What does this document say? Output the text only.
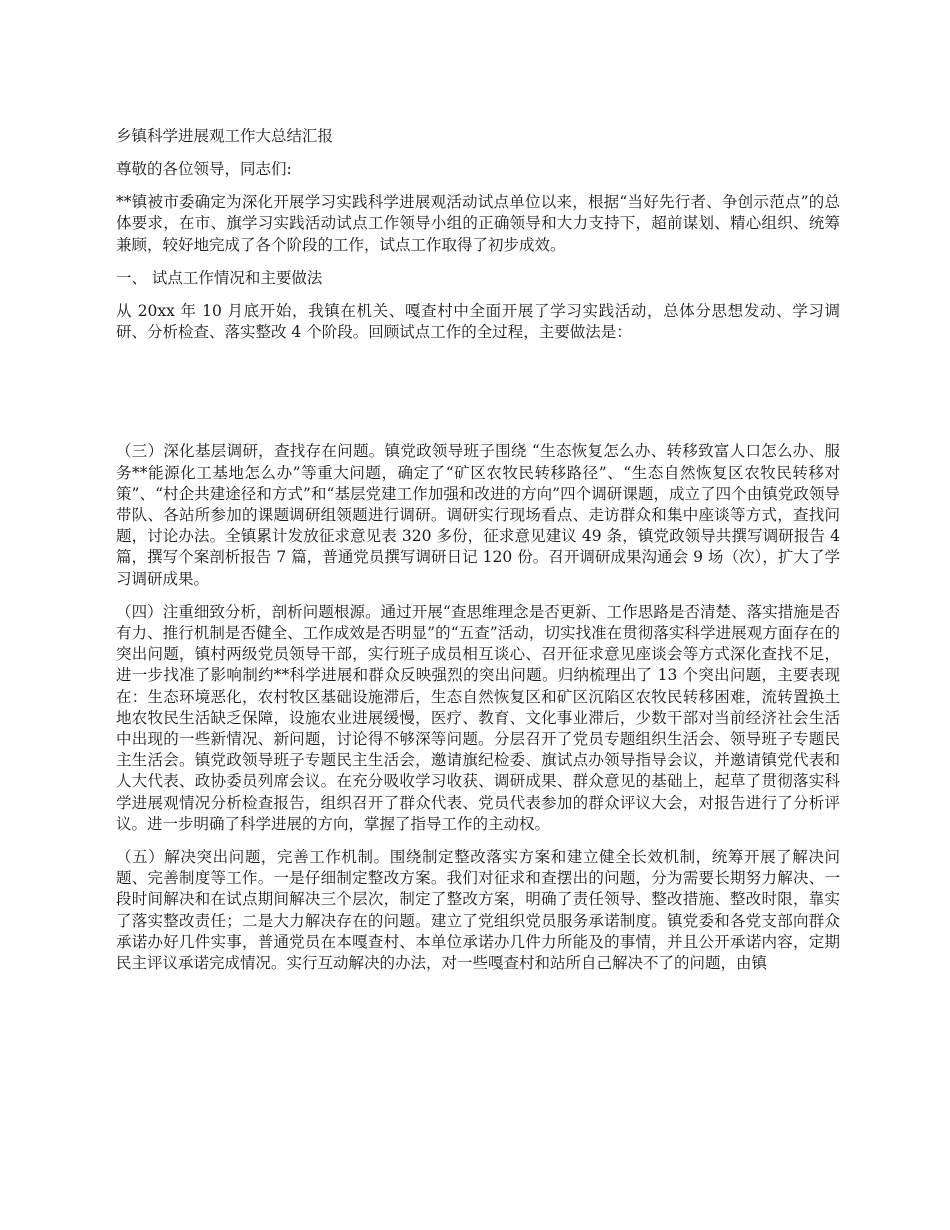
乡镇科学进展观工作大总结汇报
尊敬的各位领导，同志们:
**镇被市委确定为深化开展学习实践科学进展观活动试点单位以来，根据“当好先行者、争创示范点”的总体要求，在市、旗学习实践活动试点工作领导小组的正确领导和大力支持下，超前谋划、精心组织、统筹兼顾，较好地完成了各个阶段的工作，试点工作取得了初步成效。
一、 试点工作情况和主要做法
从 20xx 年 10 月底开始，我镇在机关、嘎查村中全面开展了学习实践活动，总体分思想发动、学习调研、分析检查、落实整改 4 个阶段。回顾试点工作的全过程，主要做法是：
（三）深化基层调研，查找存在问题。镇党政领导班子围绕 “生态恢复怎么办、转移致富人口怎么办、服务**能源化工基地怎么办”等重大问题，确定了“矿区农牧民转移路径”、“生态自然恢复区农牧民转移对策”、“村企共建途径和方式”和“基层党建工作加强和改进的方向”四个调研课题，成立了四个由镇党政领导带队、各站所参加的课题调研组领题进行调研。调研实行现场看点、走访群众和集中座谈等方式，查找问题，讨论办法。全镇累计发放征求意见表 320 多份，征求意见建议 49 条，镇党政领导共撰写调研报告 4 篇，撰写个案剖析报告 7 篇，普通党员撰写调研日记 120 份。召开调研成果沟通会 9 场（次），扩大了学习调研成果。
（四）注重细致分析，剖析问题根源。通过开展“查思维理念是否更新、工作思路是否清楚、落实措施是否有力、推行机制是否健全、工作成效是否明显”的“五查”活动，切实找准在贯彻落实科学进展观方面存在的突出问题，镇村两级党员领导干部，实行班子成员相互谈心、召开征求意见座谈会等方式深化查找不足，进一步找准了影响制约**科学进展和群众反映强烈的突出问题。归纳梳理出了 13 个突出问题，主要表现在：生态环境恶化，农村牧区基础设施滞后，生态自然恢复区和矿区沉陷区农牧民转移困难，流转置换土地农牧民生活缺乏保障，设施农业进展缓慢，医疗、教育、文化事业滞后，少数干部对当前经济社会生活中出现的一些新情况、新问题，讨论得不够深等问题。分层召开了党员专题组织生活会、领导班子专题民主生活会。镇党政领导班子专题民主生活会，邀请旗纪检委、旗试点办领导指导会议，并邀请镇党代表和人大代表、政协委员列席会议。在充分吸收学习收获、调研成果、群众意见的基础上，起草了贯彻落实科学进展观情况分析检查报告，组织召开了群众代表、党员代表参加的群众评议大会，对报告进行了分析评议。进一步明确了科学进展的方向，掌握了指导工作的主动权。
（五）解决突出问题，完善工作机制。围绕制定整改落实方案和建立健全长效机制，统筹开展了解决问题、完善制度等工作。一是仔细制定整改方案。我们对征求和查摆出的问题，分为需要长期努力解决、一段时间解决和在试点期间解决三个层次，制定了整改方案，明确了责任领导、整改措施、整改时限，靠实了落实整改责任；二是大力解决存在的问题。建立了党组织党员服务承诺制度。镇党委和各党支部向群众承诺办好几件实事，普通党员在本嘎查村、本单位承诺办几件力所能及的事情，并且公开承诺内容，定期民主评议承诺完成情况。实行互动解决的办法，对一些嘎查村和站所自己解决不了的问题，由镇
